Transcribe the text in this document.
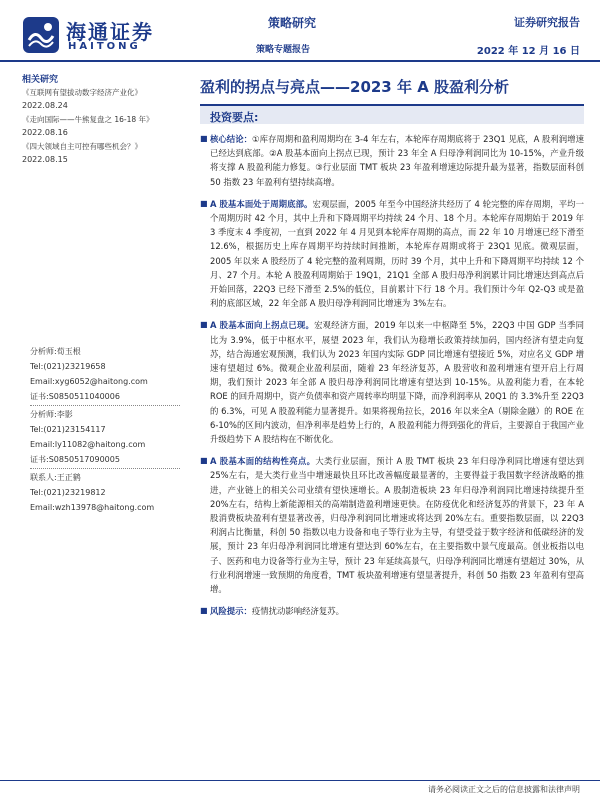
海通证券
HAITONG
策略研究
策略专题报告
证券研究报告
2022 年 12 月 16 日
相关研究
《互联网有望拔动数字经济产业化》
2022.08.24
《走向国际——牛熊复盘之 16-18 年》
2022.08.16
《四大领域自主可控有哪些机会？》
2022.08.15
分析师:荀玉根
Tel:(021)23219658
Email:xyg6052@haitong.com
证书:S0850511040006
分析师:李影
Tel:(021)23154117
Email:ly11082@haitong.com
证书:S0850517090005
联系人:王正鹤
Tel:(021)23219812
Email:wzh13978@haitong.com
盈利的拐点与亮点——2023 年 A 股盈利分析
投资要点:
■ 核心结论：①库存周期和盈利周期均在 3-4 年左右，本轮库存周期底将于 23Q1 见底，A 股利润增速已经达到底部。②A 股基本面向上拐点已现，预计 23 年全 A 归母净利润同比为 10-15%，产业升级将支撑 A 股盈利能力修复。③行业层面 TMT 板块 23 年盈利增速边际提升最为显著，指数层面科创 50 指数 23 年盈利有望持续高增。
■ A 股基本面处于周期底部。宏观层面，2005 年至今中国经济共经历了 4 轮完整的库存周期，平均一个周期历时 42 个月，其中上升和下降周期平均持续 24 个月、18 个月。本轮库存周期始于 2019 年 3 季度末 4 季度初，一直到 2022 年 4 月见到本轮库存周期的高点，而 22 年 10 月增速已经下滑至 12.6%，根据历史上库存周期平均持续时间推断，本轮库存周期或将于 23Q1 见底。微观层面，2005 年以来 A 股经历了 4 轮完整的盈利周期，历时 39 个月，其中上升和下降周期平均持续 12 个月、27 个月。本轮 A 股盈利周期始于 19Q1，21Q1 全部 A 股归母净利润累计同比增速达到高点后开始回落，22Q3 已经下滑至 2.5%的低位，目前累计下行 18 个月。我们预计今年 Q2-Q3 或是盈利的底部区域，22 年全部 A 股归母净利润同比增速为 3%左右。
■ A 股基本面向上拐点已现。宏观经济方面，2019 年以来一中枢降至 5%，22Q3 中国 GDP 当季同比为 3.9%，低于中枢水平，展望 2023 年，我们认为稳增长政策持续加码，国内经济有望走向复苏，结合海通宏观预测，我们认为 2023 年国内实际 GDP 同比增速有望接近 5%，对应名义 GDP 增速有望超过 6%。微观企业盈利层面，随着 23 年经济复苏，A 股营收和盈利增速有望开启上行周期，我们预计 2023 年全部 A 股归母净利润同比增速有望达到 10-15%。从盈利能力看，在本轮 ROE 的回升周期中，资产负债率和资产周转率均明显下降，而净利润率从 20Q1 的 3.3%升至 22Q3 的 6.3%，可见 A 股盈利能力显著提升。如果将视角拉长，2016 年以来全A（剔除金融）的 ROE 在 6-10%的区间内波动，但净利率是趋势上行的，A 股盈利能力得到强化的背后，主要源自于我国产业升级趋势下 A 股结构在不断优化。
■ A 股基本面的结构性亮点。大类行业层面，预计 A 股 TMT 板块 23 年归母净利同比增速有望达到 25%左右，是大类行业当中增速最快且环比改善幅度最显著的，主要得益于我国数字经济战略的推进，产业链上的相关公司业绩有望快速增长。A 股制造板块 23 年归母净利润同比增速持续提升至 20%左右，结构上新能源相关的高端制造盈利增速更快。在防疫优化和经济复苏的背景下，23 年 A 股消费板块盈利有望显著改善，归母净利润同比增速或将达到 20%左右。重要指数层面，以 22Q3 利润占比衡量，科创 50 指数以电力设备和电子等行业为主导，有望受益于数字经济和低碳经济的发展，预计 23 年归母净利润同比增速有望达到 60%左右，在主要指数中景气度最高。创业板指以电子、医药和电力设备等行业为主导，预计 23 年延续高景气，归母净利润同比增速有望超过 30%，从行业利润增速一致预期的角度看，TMT 板块盈利增速有望显著提升，科创 50 指数 23 年盈利有望高增。
■ 风险提示：疫情扰动影响经济复苏。
请务必阅读正文之后的信息披露和法律声明
